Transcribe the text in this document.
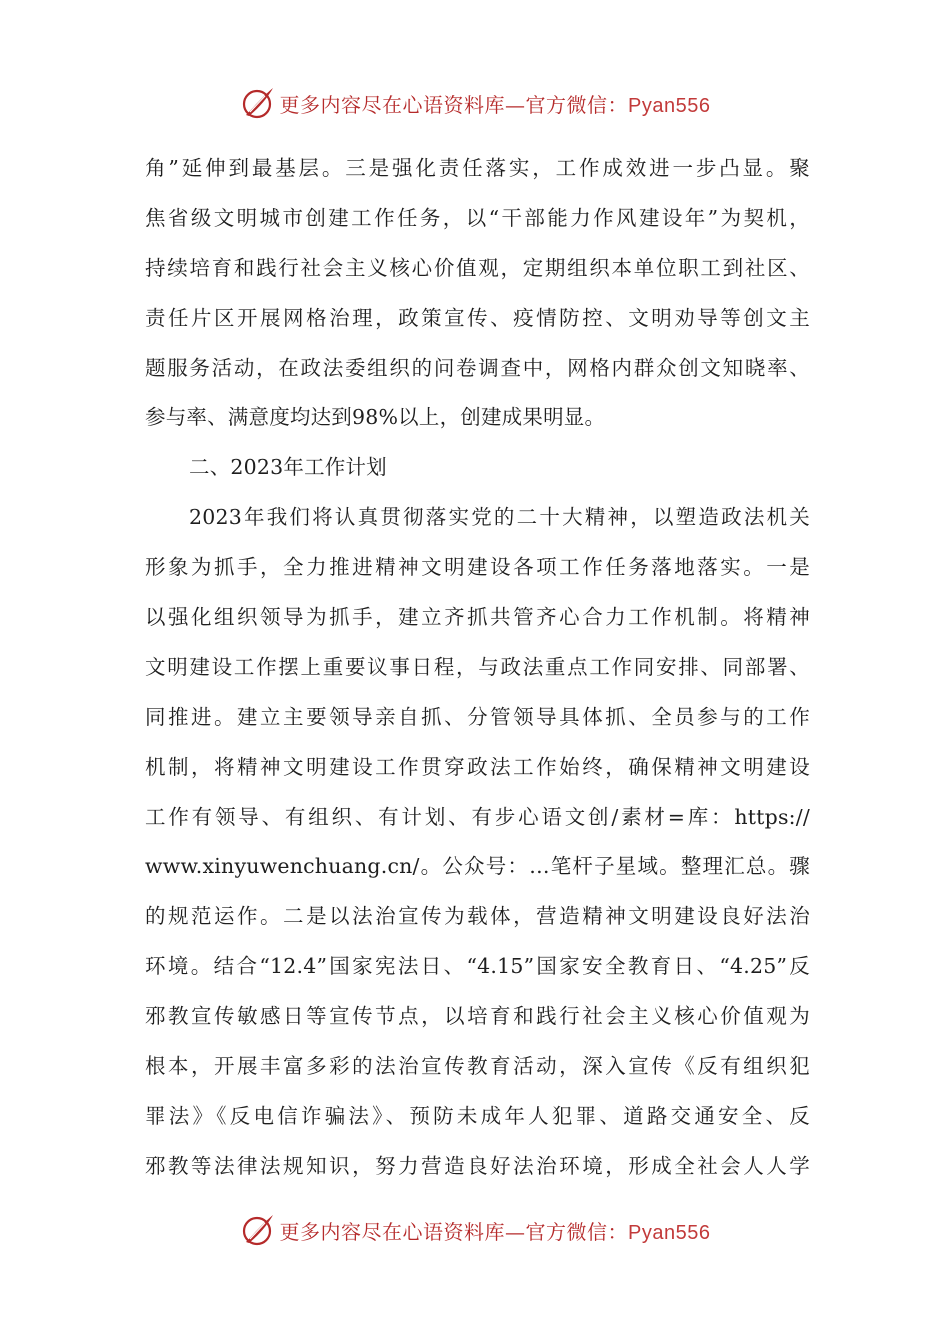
更多内容尽在心语资料库—官方微信：Pyan556
角”延伸到最基层。三是强化责任落实，工作成效进一步凸显。聚
焦省级文明城市创建工作任务，以“干部能力作风建设年”为契机，
持续培育和践行社会主义核心价值观，定期组织本单位职工到社区、
责任片区开展网格治理，政策宣传、疫情防控、文明劝导等创文主
题服务活动，在政法委组织的问卷调查中，网格内群众创文知晓率、
参与率、满意度均达到98%以上，创建成果明显。
二、2023年工作计划
2023年我们将认真贯彻落实党的二十大精神，以塑造政法机关
形象为抓手，全力推进精神文明建设各项工作任务落地落实。一是
以强化组织领导为抓手，建立齐抓共管齐心合力工作机制。将精神
文明建设工作摆上重要议事日程，与政法重点工作同安排、同部署、
同推进。建立主要领导亲自抓、分管领导具体抓、全员参与的工作
机制，将精神文明建设工作贯穿政法工作始终，确保精神文明建设
工作有领导、有组织、有计划、有步心语文创/素材=库：https://
www.xinyuwenchuang.cn/。公众号：…笔杆子星域。整理汇总。骤
的规范运作。二是以法治宣传为载体，营造精神文明建设良好法治
环境。结合“12.4”国家宪法日、“4.15”国家安全教育日、“4.25”反
邪教宣传敏感日等宣传节点，以培育和践行社会主义核心价值观为
根本，开展丰富多彩的法治宣传教育活动，深入宣传《反有组织犯
罪法》《反电信诈骗法》、预防未成年人犯罪、道路交通安全、反
邪教等法律法规知识，努力营造良好法治环境，形成全社会人人学
更多内容尽在心语资料库—官方微信：Pyan556
